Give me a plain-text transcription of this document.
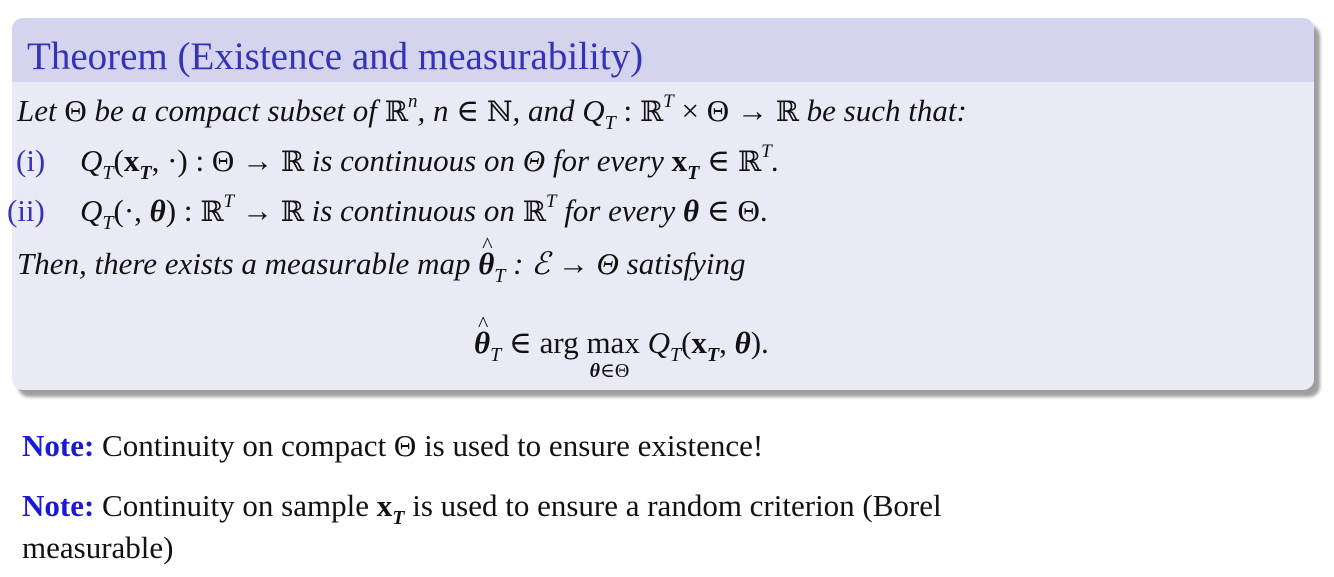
Theorem (Existence and measurability)
Let Θ be a compact subset of ℝ$^n$, n ∈ ℕ, and $Q_T$ : ℝ$^T$ × Θ → ℝ be such that:
(i) $Q_T(x_T$, ·) : Θ → ℝ is continuous on Θ for every $x_T$ ∈ ℝ$^T$.
(ii) $Q_T(\cdot$, θ) : ℝ$^T$ → ℝ is continuous on ℝ$^T$ for every θ ∈ Θ.
Then, there exists a measurable map ^ $\theta_T$ : ℰ → Θ satisfying
^ $\theta_T$ ∈ arg max
θ∈Θ
$Q_T(x_T$, θ).
Note: Continuity on compact Θ is used to ensure existence!
Note: Continuity on sample $x_T$ is used to ensure a random criterion (Borel
measurable)
